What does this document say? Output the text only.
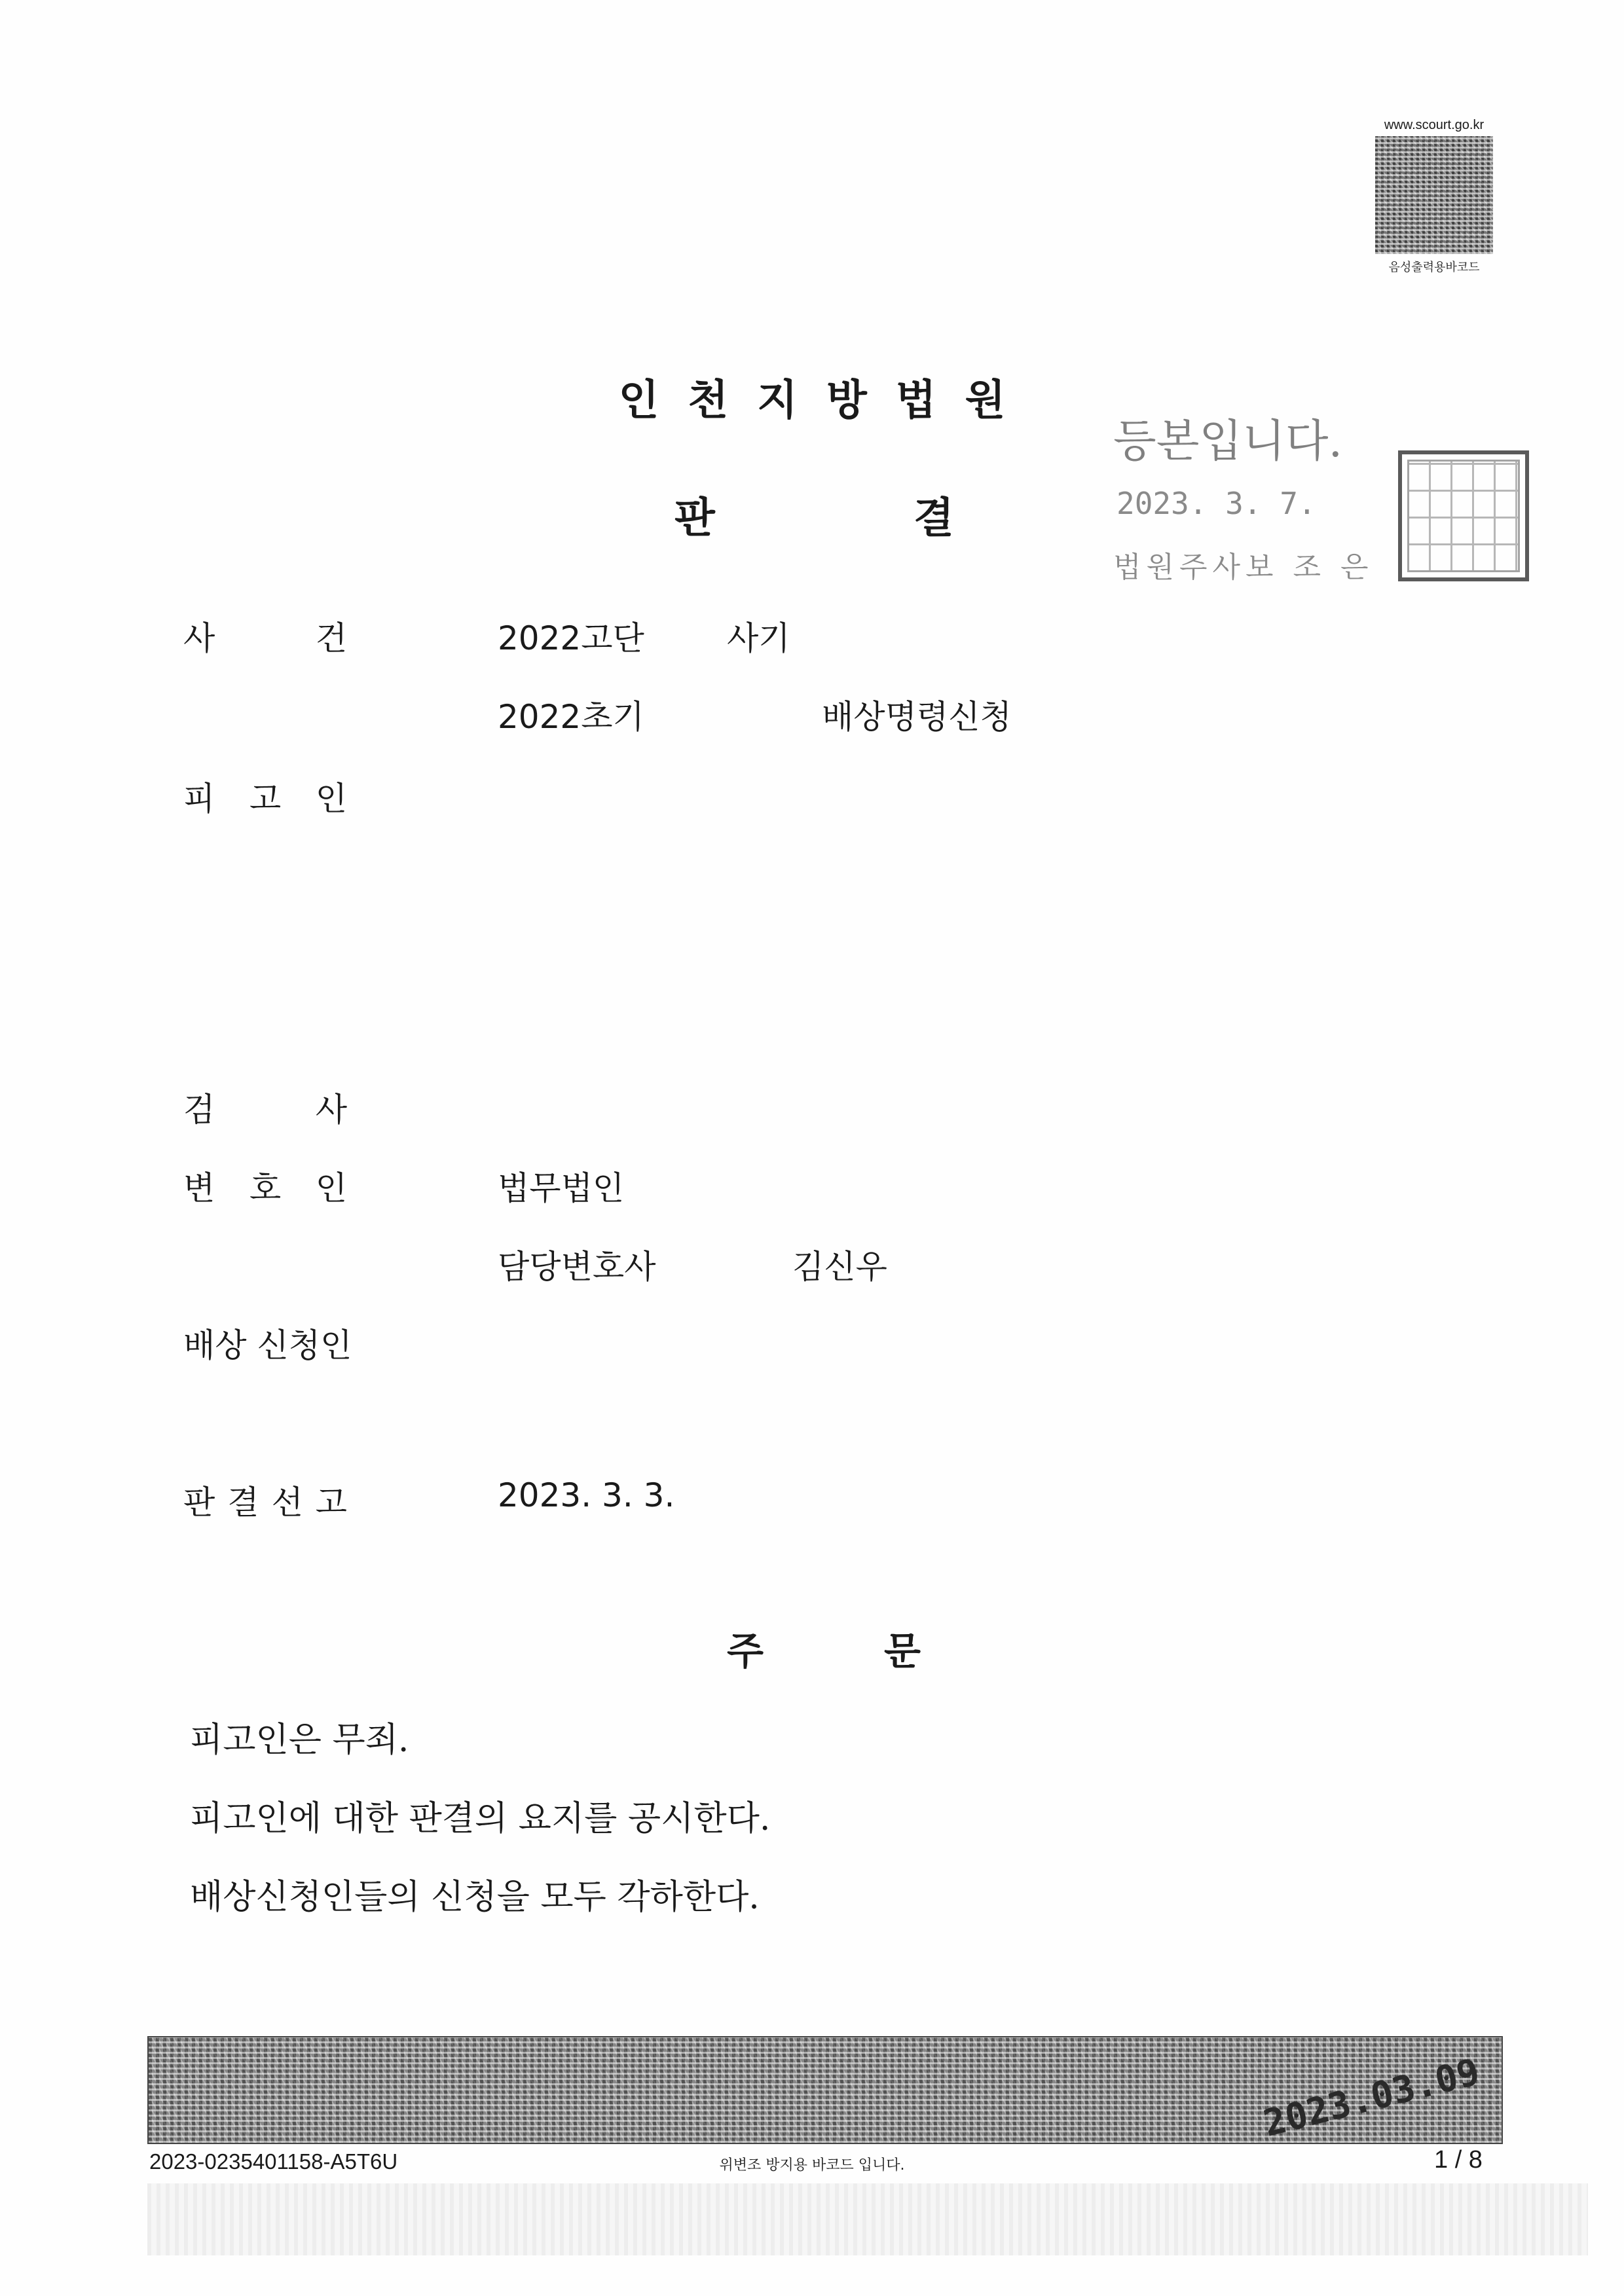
www.scourt.go.kr
음성출력용바코드
인천지방법원
판	결
등본입니다.
2023. 3. 7.
법원주사보 조 은
사	건	2022고단	사기
2022초기	배상명령신청
피 고 인
검	사
변 호 인	법무법인
담당변호사	김신우
배상 신청인
판 결 선 고	2023. 3. 3.
주	문
피고인은 무죄.
피고인에 대한 판결의 요지를 공시한다.
배상신청인들의 신청을 모두 각하한다.
2023.03.09
2023-0235401158-A5T6U	위변조 방지용 바코드 입니다.	1 / 8
